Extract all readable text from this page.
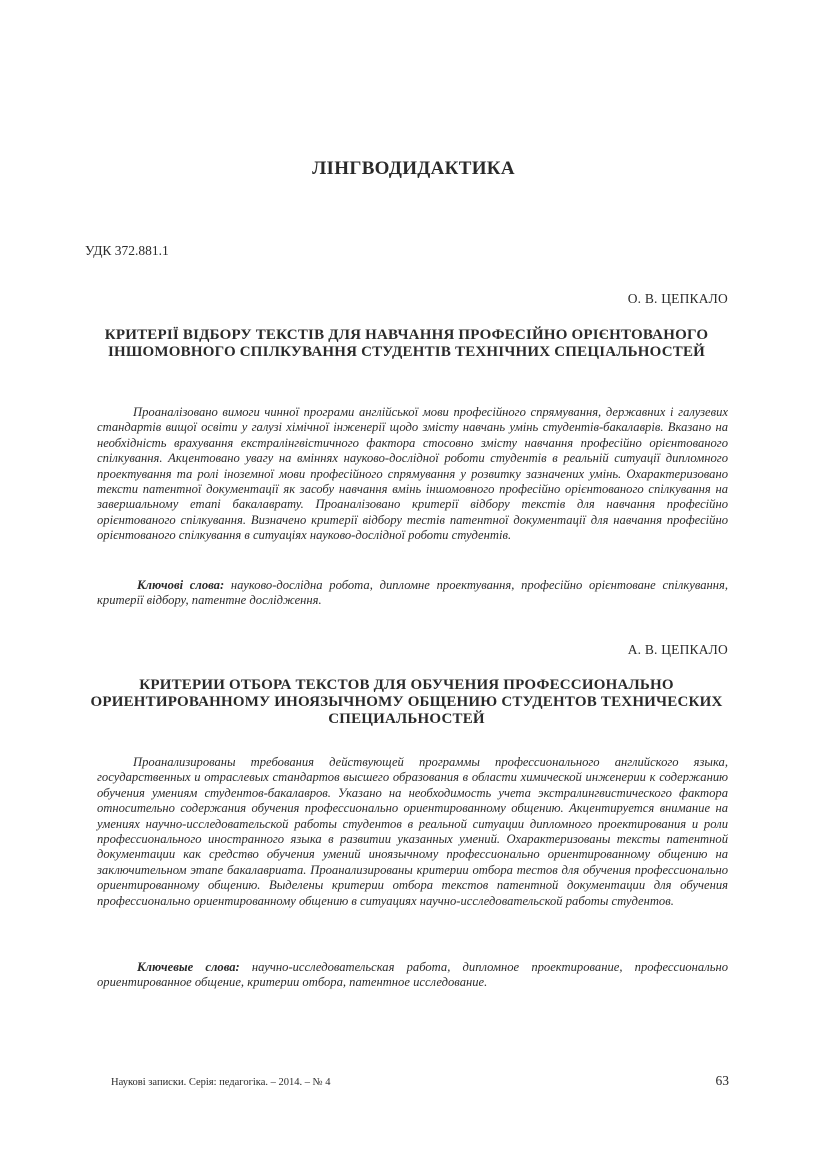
ЛІНГВОДИДАКТИКА
УДК 372.881.1
О. В. ЦЕПКАЛО
КРИТЕРІЇ ВІДБОРУ ТЕКСТІВ ДЛЯ НАВЧАННЯ ПРОФЕСІЙНО ОРІЄНТОВАНОГО ІНШОМОВНОГО СПІЛКУВАННЯ СТУДЕНТІВ ТЕХНІЧНИХ СПЕЦІАЛЬНОСТЕЙ

Проаналізовано вимоги чинної програми англійської мови професійного спрямування, державних і галузевих стандартів вищої освіти у галузі хімічної інженерії щодо змісту навчань умінь студентів-бакалаврів. Вказано на необхідність врахування екстралінгвістичного фактора стосовно змісту навчання професійно орієнтованого спілкування. Акцентовано увагу на вміннях науково-дослідної роботи студентів в реальній ситуації дипломного проектування та ролі іноземної мови професійного спрямування у розвитку зазначених умінь. Охарактеризовано тексти патентної документації як засобу навчання вмінь іншомовного професійно орієнтованого спілкування на завершальному етапі бакалаврату. Проаналізовано критерії відбору текстів для навчання професійно орієнтованого спілкування. Визначено критерії відбору тестів патентної документації для навчання професійно орієнтованого спілкування в ситуаціях науково-дослідної роботи студентів.

Ключові слова: науково-дослідна робота, дипломне проектування, професійно орієнтоване спілкування, критерії відбору, патентне дослідження.

А. В. ЦЕПКАЛО
КРИТЕРИИ ОТБОРА ТЕКСТОВ ДЛЯ ОБУЧЕНИЯ ПРОФЕССИОНАЛЬНО ОРИЕНТИРОВАННОМУ ИНОЯЗЫЧНОМУ ОБЩЕНИЮ СТУДЕНТОВ ТЕХНИЧЕСКИХ СПЕЦИАЛЬНОСТЕЙ

Проанализированы требования действующей программы профессионального английского языка, государственных и отраслевых стандартов высшего образования в области химической инженерии к содержанию обучения умениям студентов-бакалавров. Указано на необходимость учета экстралингвистического фактора относительно содержания обучения профессионально ориентированному общению. Акцентируется внимание на умениях научно-исследовательской работы студентов в реальной ситуации дипломного проектирования и роли профессионального иностранного языка в развитии указанных умений. Охарактеризованы тексты патентной документации как средство обучения умений иноязычному профессионально ориентированному общению на заключительном этапе бакалавриата. Проанализированы критерии отбора тестов для обучения профессионально ориентированному общению. Выделены критерии отбора текстов патентной документации для обучения профессионально ориентированному общению в ситуациях научно-исследовательской работы студентов.

Ключевые слова: научно-исследовательская работа, дипломное проектирование, профессионально ориентированное общение, критерии отбора, патентное исследование.

Наукові записки. Серія: педагогіка. – 2014. – № 4	63
